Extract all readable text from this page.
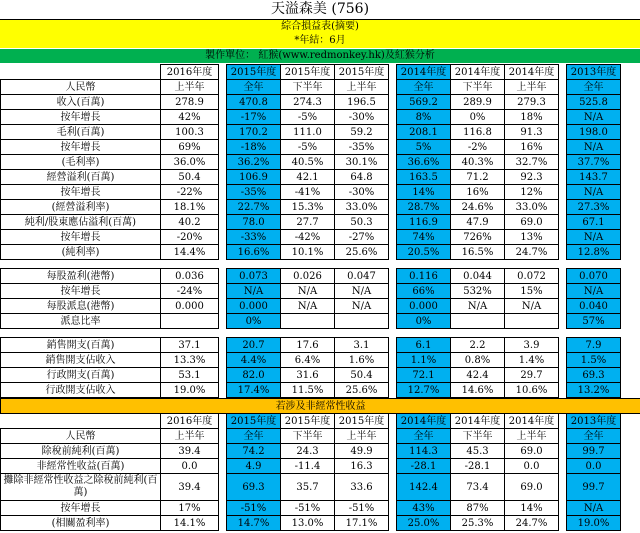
天溢森美 (756)
綜合損益表(摘要)
*年結：6月
製作單位： 紅猴(www.redmonkey.hk)及紅猴分析
	2016年度		2015年度	2015年度	2015年度		2014年度	2014年度	2014年度		2013年度	
人民幣	上半年		全年	下半年	上半年		全年	下半年	上半年		全年	
收入(百萬)	278.9		470.8	274.3	196.5		569.2	289.9	279.3		525.8	
按年增長	42%		-17%	-5%	-30%		8%	0%	18%		N/A	
毛利(百萬)	100.3		170.2	111.0	59.2		208.1	116.8	91.3		198.0	
按年增長	69%		-18%	-5%	-35%		5%	-2%	16%		N/A	
(毛利率)	36.0%		36.2%	40.5%	30.1%		36.6%	40.3%	32.7%		37.7%	
經營溢利(百萬)	50.4		106.9	42.1	64.8		163.5	71.2	92.3		143.7	
按年增長	-22%		-35%	-41%	-30%		14%	16%	12%		N/A	
(經營溢利率)	18.1%		22.7%	15.3%	33.0%		28.7%	24.6%	33.0%		27.3%	
純利/股東應佔溢利(百萬)	40.2		78.0	27.7	50.3		116.9	47.9	69.0		67.1	
按年增長	-20%		-33%	-42%	-27%		74%	726%	13%		N/A	
(純利率)	14.4%		16.6%	10.1%	25.6%		20.5%	16.5%	24.7%		12.8%	

每股盈利(港幣)	0.036		0.073	0.026	0.047		0.116	0.044	0.072		0.070	
按年增長	-24%		N/A	N/A	N/A		66%	532%	15%		N/A	
每股派息(港幣)	0.000		0.000	N/A	N/A		0.000	N/A	N/A		0.040	
派息比率			0%				0%				57%	

銷售開支(百萬)	37.1		20.7	17.6	3.1		6.1	2.2	3.9		7.9	
銷售開支佔收入	13.3%		4.4%	6.4%	1.6%		1.1%	0.8%	1.4%		1.5%	
行政開支(百萬)	53.1		82.0	31.6	50.4		72.1	42.4	29.7		69.3	
行政開支佔收入	19.0%		17.4%	11.5%	25.6%		12.7%	14.6%	10.6%		13.2%	
若涉及非經常性收益												
	2016年度		2015年度	2015年度	2015年度		2014年度	2014年度	2014年度		2013年度	
人民幣	上半年		全年	下半年	上半年		全年	下半年	上半年		全年	
除稅前純利(百萬)	39.4		74.2	24.3	49.9		114.3	45.3	69.0		99.7	
非經常性收益(百萬)	0.0		4.9	-11.4	16.3		-28.1	-28.1	0.0		0.0	
攤除非經常性收益之除稅前純利(百萬)	39.4		69.3	35.7	33.6		142.4	73.4	69.0		99.7	
按年增長	17%		-51%	-51%	-51%		43%	87%	14%		N/A	
(相關盈利率)	14.1%		14.7%	13.0%	17.1%		25.0%	25.3%	24.7%		19.0%	
